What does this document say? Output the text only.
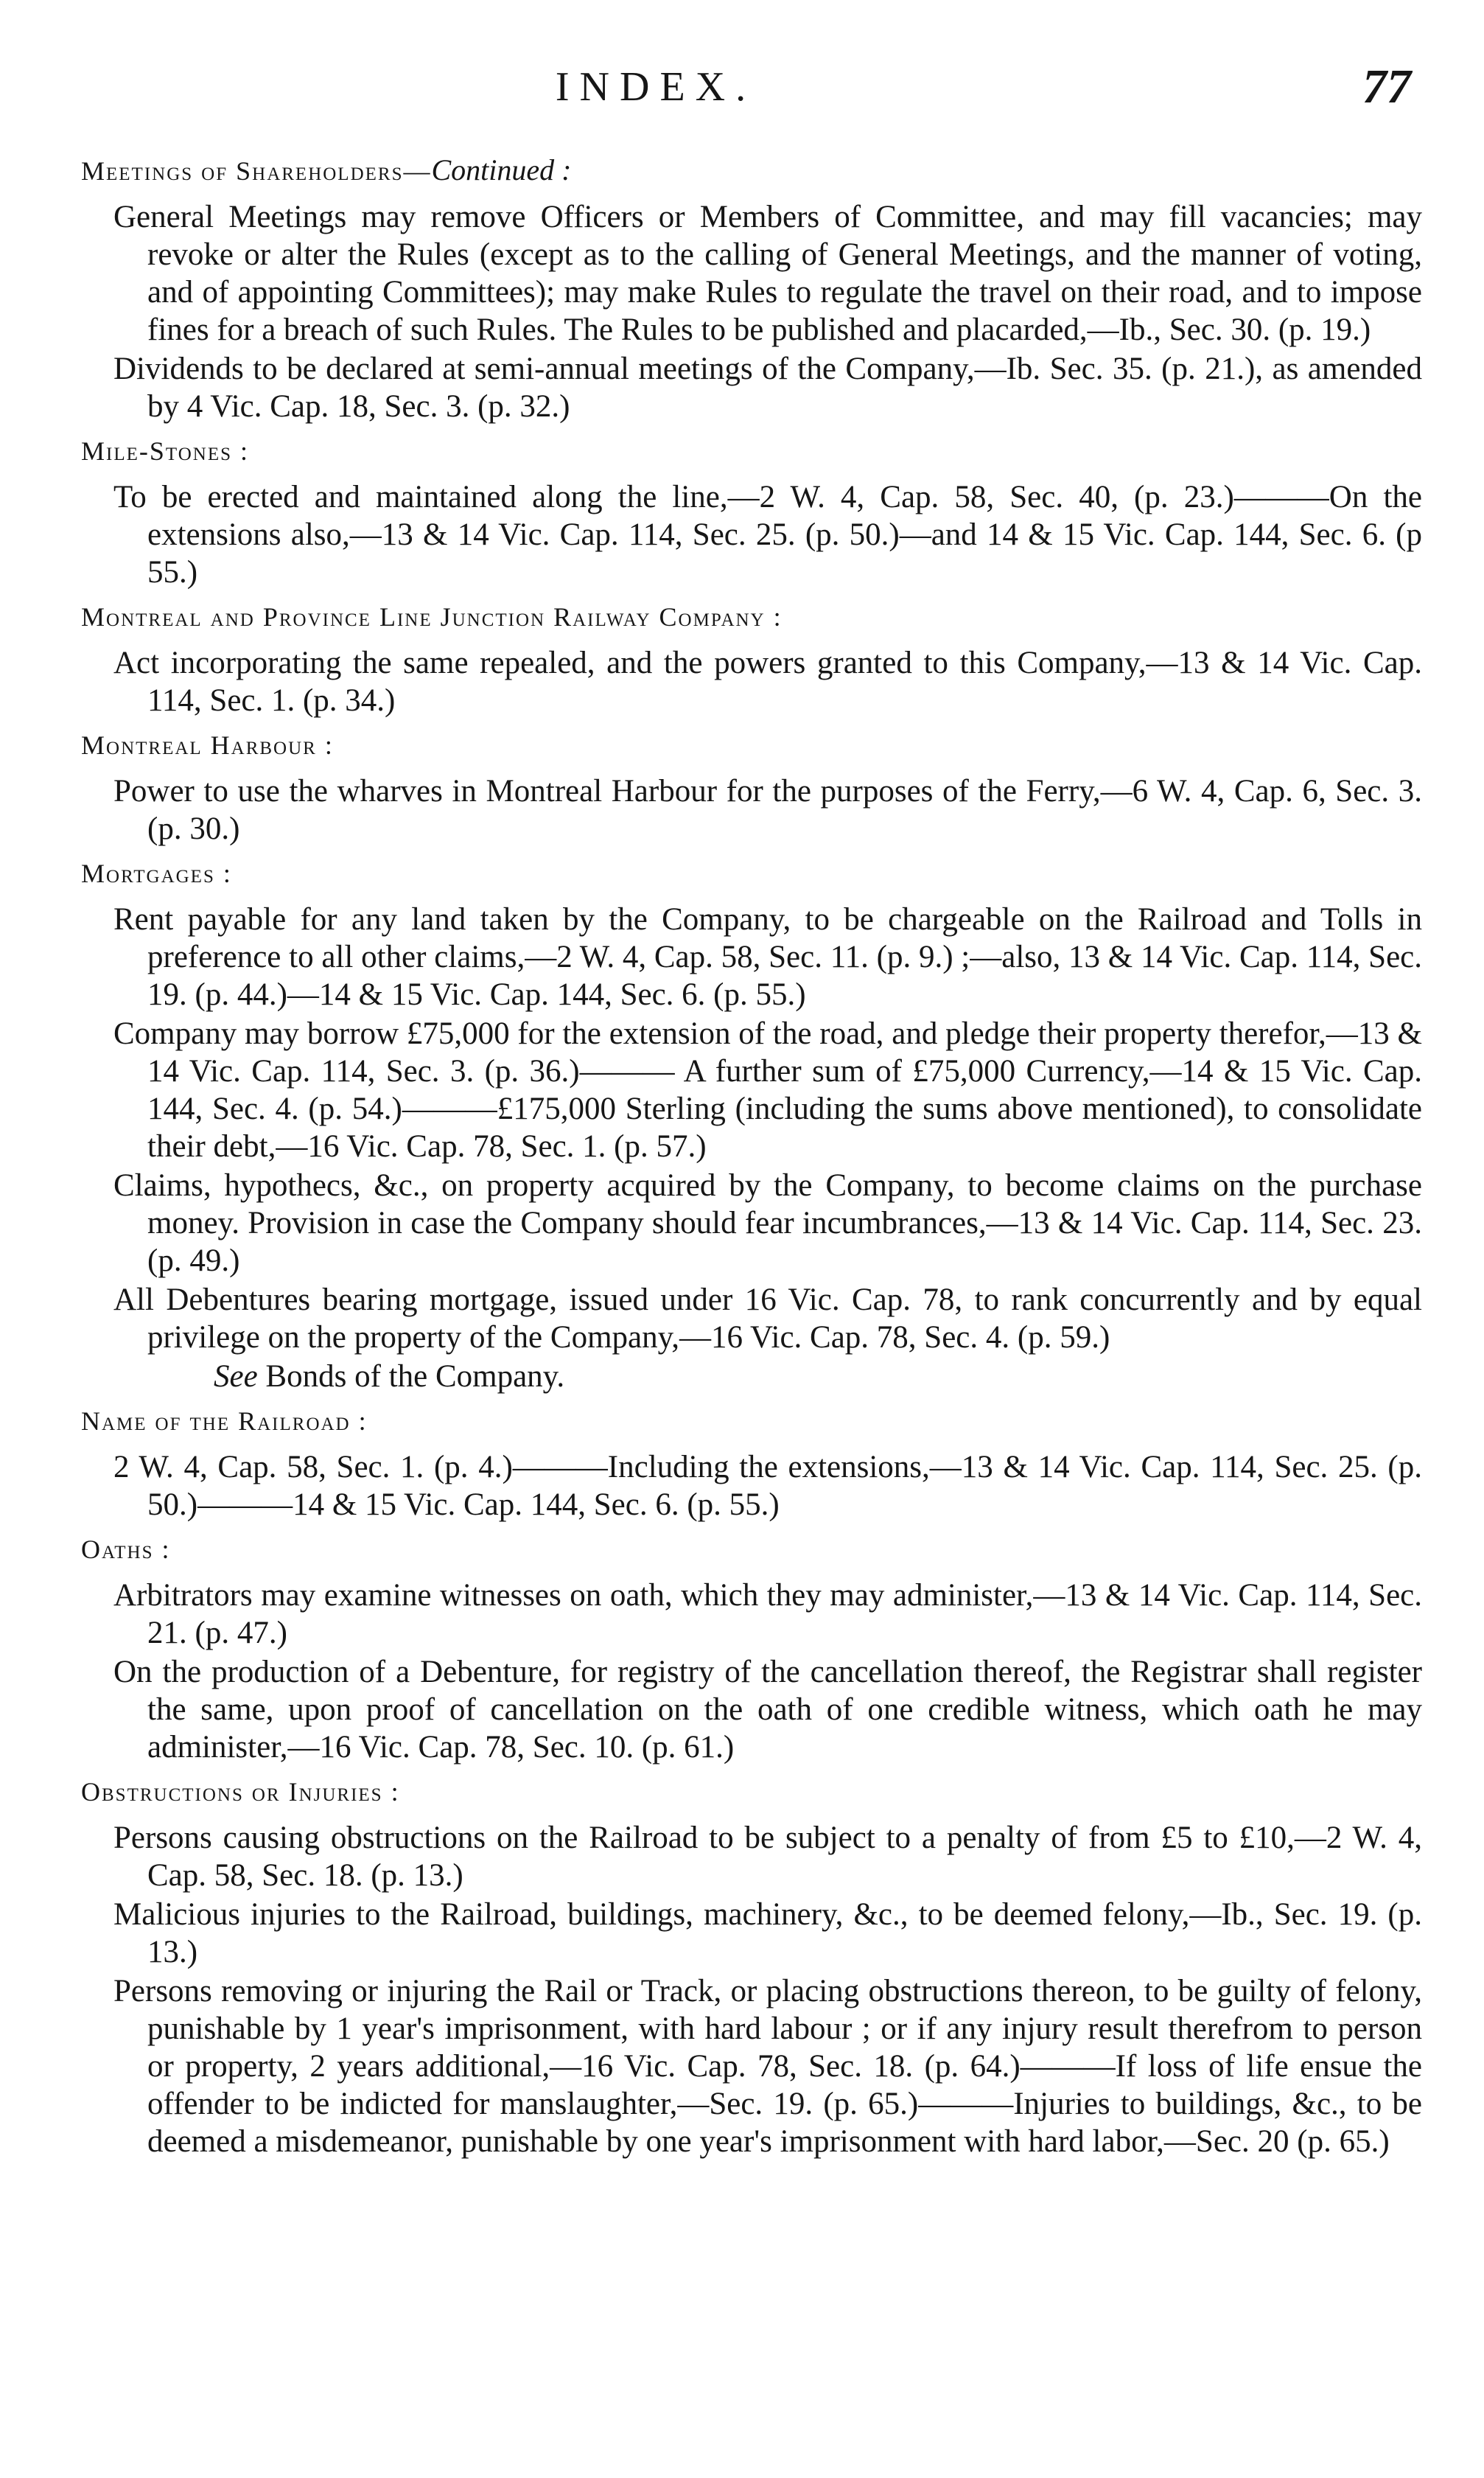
INDEX.	77
Meetings of Shareholders—Continued :

General Meetings may remove Officers or Members of Committee, and may fill vacancies; may revoke or alter the Rules (except as to the calling of General Meetings, and the manner of voting, and of appointing Committees); may make Rules to regulate the travel on their road, and to impose fines for a breach of such Rules. The Rules to be published and placarded,—Ib., Sec. 30. (p. 19.)

Dividends to be declared at semi-annual meetings of the Company,—Ib. Sec. 35. (p. 21.), as amended by 4 Vic. Cap. 18, Sec. 3. (p. 32.)

Mile-Stones :

To be erected and maintained along the line,—2 W. 4, Cap. 58, Sec. 40, (p. 23.)———On the extensions also,—13 & 14 Vic. Cap. 114, Sec. 25. (p. 50.)—and 14 & 15 Vic. Cap. 144, Sec. 6. (p 55.)

Montreal and Province Line Junction Railway Company :

Act incorporating the same repealed, and the powers granted to this Company,—13 & 14 Vic. Cap. 114, Sec. 1. (p. 34.)

Montreal Harbour :

Power to use the wharves in Montreal Harbour for the purposes of the Ferry,—6 W. 4, Cap. 6, Sec. 3. (p. 30.)

Mortgages :

Rent payable for any land taken by the Company, to be chargeable on the Railroad and Tolls in preference to all other claims,—2 W. 4, Cap. 58, Sec. 11. (p. 9.) ;—also, 13 & 14 Vic. Cap. 114, Sec. 19. (p. 44.)—14 & 15 Vic. Cap. 144, Sec. 6. (p. 55.)

Company may borrow £75,000 for the extension of the road, and pledge their property therefor,—13 & 14 Vic. Cap. 114, Sec. 3. (p. 36.)——— A further sum of £75,000 Currency,—14 & 15 Vic. Cap. 144, Sec. 4. (p. 54.)———£175,000 Sterling (including the sums above mentioned), to consolidate their debt,—16 Vic. Cap. 78, Sec. 1. (p. 57.)

Claims, hypothecs, &c., on property acquired by the Company, to become claims on the purchase money. Provision in case the Company should fear incumbrances,—13 & 14 Vic. Cap. 114, Sec. 23. (p. 49.)

All Debentures bearing mortgage, issued under 16 Vic. Cap. 78, to rank concurrently and by equal privilege on the property of the Company,—16 Vic. Cap. 78, Sec. 4. (p. 59.)

See Bonds of the Company.

Name of the Railroad :

2 W. 4, Cap. 58, Sec. 1. (p. 4.)———Including the extensions,—13 & 14 Vic. Cap. 114, Sec. 25. (p. 50.)———14 & 15 Vic. Cap. 144, Sec. 6. (p. 55.)

Oaths :

Arbitrators may examine witnesses on oath, which they may administer,—13 & 14 Vic. Cap. 114, Sec. 21. (p. 47.)

On the production of a Debenture, for registry of the cancellation thereof, the Registrar shall register the same, upon proof of cancellation on the oath of one credible witness, which oath he may administer,—16 Vic. Cap. 78, Sec. 10. (p. 61.)

Obstructions or Injuries :

Persons causing obstructions on the Railroad to be subject to a penalty of from £5 to £10,—2 W. 4, Cap. 58, Sec. 18. (p. 13.)

Malicious injuries to the Railroad, buildings, machinery, &c., to be deemed felony,—Ib., Sec. 19. (p. 13.)

Persons removing or injuring the Rail or Track, or placing obstructions thereon, to be guilty of felony, punishable by 1 year's imprisonment, with hard labour ; or if any injury result therefrom to person or property, 2 years additional,—16 Vic. Cap. 78, Sec. 18. (p. 64.)———If loss of life ensue the offender to be indicted for manslaughter,—Sec. 19. (p. 65.)———Injuries to buildings, &c., to be deemed a misdemeanor, punishable by one year's imprisonment with hard labor,—Sec. 20 (p. 65.)
